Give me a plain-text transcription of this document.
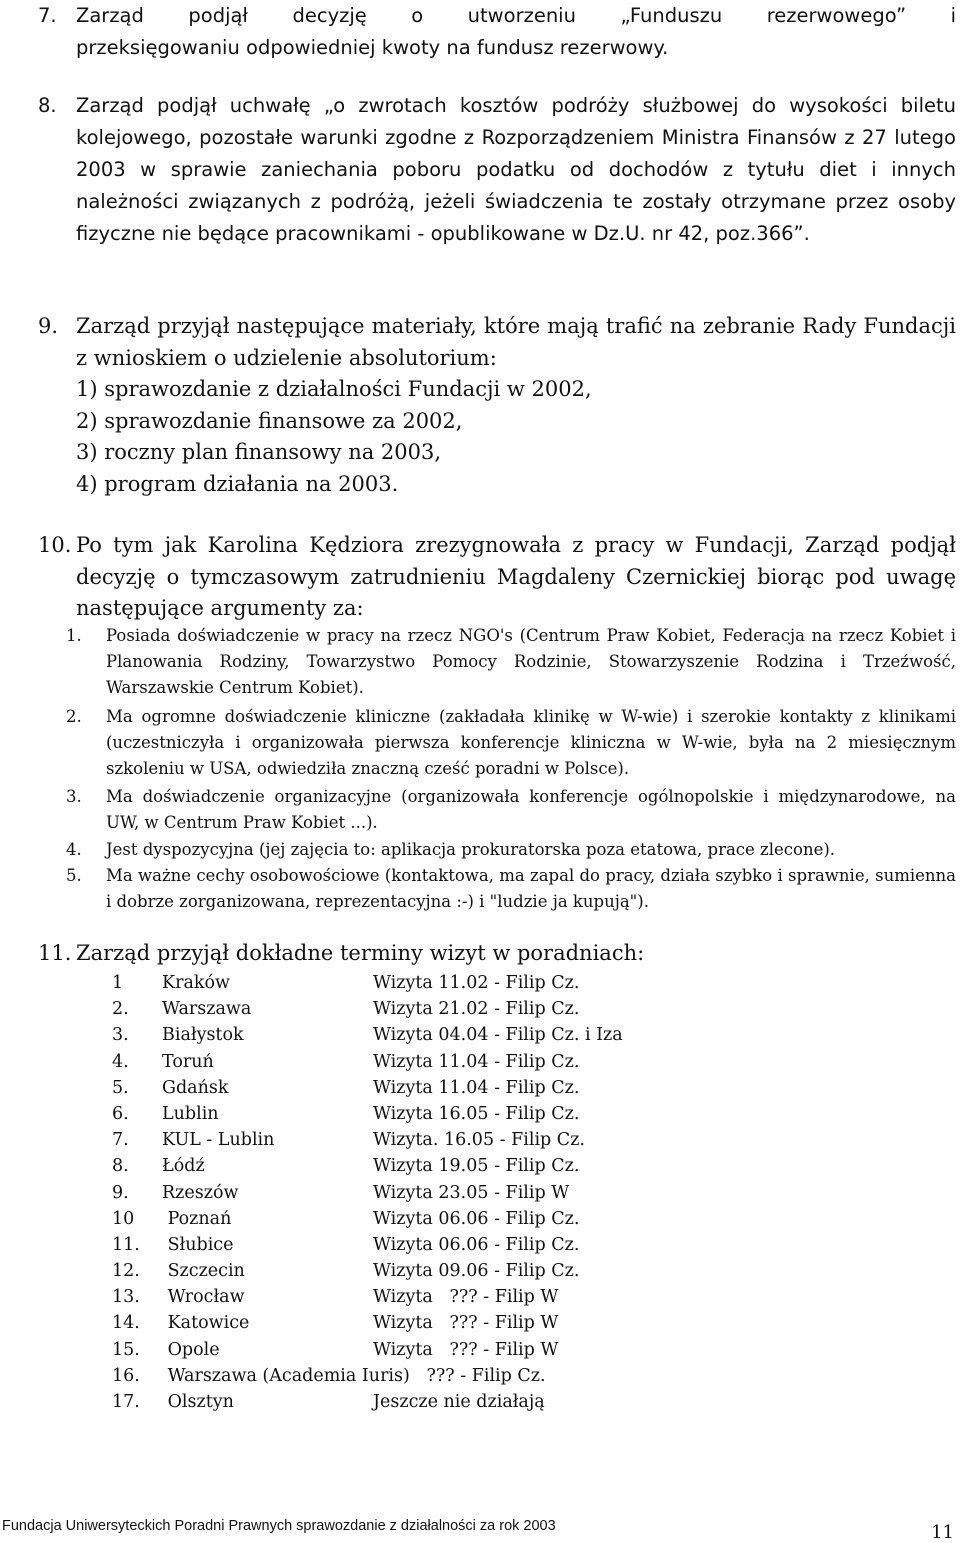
7. Zarząd podjął decyzję o utworzeniu „Funduszu rezerwowego” i
przeksięgowaniu odpowiedniej kwoty na fundusz rezerwowy.
8. Zarząd podjął uchwałę „o zwrotach kosztów podróży służbowej do wysokości biletu kolejowego, pozostałe warunki zgodne z Rozporządzeniem Ministra Finansów z 27 lutego 2003 w sprawie zaniechania poboru podatku od dochodów z tytułu diet i innych należności związanych z podróżą, jeżeli świadczenia te zostały otrzymane przez osoby fizyczne nie będące pracownikami - opublikowane w Dz.U. nr 42, poz.366”.
9. Zarząd przyjął następujące materiały, które mają trafić na zebranie Rady Fundacji z wnioskiem o udzielenie absolutorium:
1) sprawozdanie z działalności Fundacji w 2002,
2) sprawozdanie finansowe za 2002,
3) roczny plan finansowy na 2003,
4) program działania na 2003.
10. Po tym jak Karolina Kędziora zrezygnowała z pracy w Fundacji, Zarząd podjął decyzję o tymczasowym zatrudnieniu Magdaleny Czernickiej biorąc pod uwagę następujące argumenty za:
1. Posiada doświadczenie w pracy na rzecz NGO's (Centrum Praw Kobiet, Federacja na rzecz Kobiet i Planowania Rodziny, Towarzystwo Pomocy Rodzinie, Stowarzyszenie Rodzina i Trzeźwość, Warszawskie Centrum Kobiet).
2. Ma ogromne doświadczenie kliniczne (zakładała klinikę w W-wie) i szerokie kontakty z klinikami (uczestniczyła i organizowała pierwsza konferencje kliniczna w W-wie, była na 2 miesięcznym szkoleniu w USA, odwiedziła znaczną cześć poradni w Polsce).
3. Ma doświadczenie organizacyjne (organizowała konferencje ogólnopolskie i międzynarodowe, na UW, w Centrum Praw Kobiet ...).
4. Jest dyspozycyjna (jej zajęcia to: aplikacja prokuratorska poza etatowa, prace zlecone).
5. Ma ważne cechy osobowościowe (kontaktowa, ma zapal do pracy, działa szybko i sprawnie, sumienna i dobrze zorganizowana, reprezentacyjna :-) i "ludzie ja kupują").
11. Zarząd przyjął dokładne terminy wizyt w poradniach:
1 Kraków	Wizyta 11.02 - Filip Cz.
2. Warszawa	Wizyta 21.02 - Filip Cz.
3. Białystok	Wizyta 04.04 - Filip Cz. i Iza
4. Toruń	Wizyta 11.04 - Filip Cz.
5. Gdańsk	Wizyta 11.04 - Filip Cz.
6. Lublin	Wizyta 16.05 - Filip Cz.
7. KUL - Lublin	Wizyta. 16.05 - Filip Cz.
8. Łódź	Wizyta 19.05 - Filip Cz.
9. Rzeszów	Wizyta 23.05 - Filip W
10 Poznań	Wizyta 06.06 - Filip Cz.
11. Słubice	Wizyta 06.06 - Filip Cz.
12. Szczecin	Wizyta 09.06 - Filip Cz.
13. Wrocław	Wizyta   ??? - Filip W
14. Katowice	Wizyta   ??? - Filip W
15. Opole	Wizyta   ??? - Filip W
16. Warszawa (Academia Iuris)   ??? - Filip Cz.
17. Olsztyn	Jeszcze nie działają
Fundacja Uniwersyteckich Poradni Prawnych sprawozdanie z działalności za rok 2003	11
